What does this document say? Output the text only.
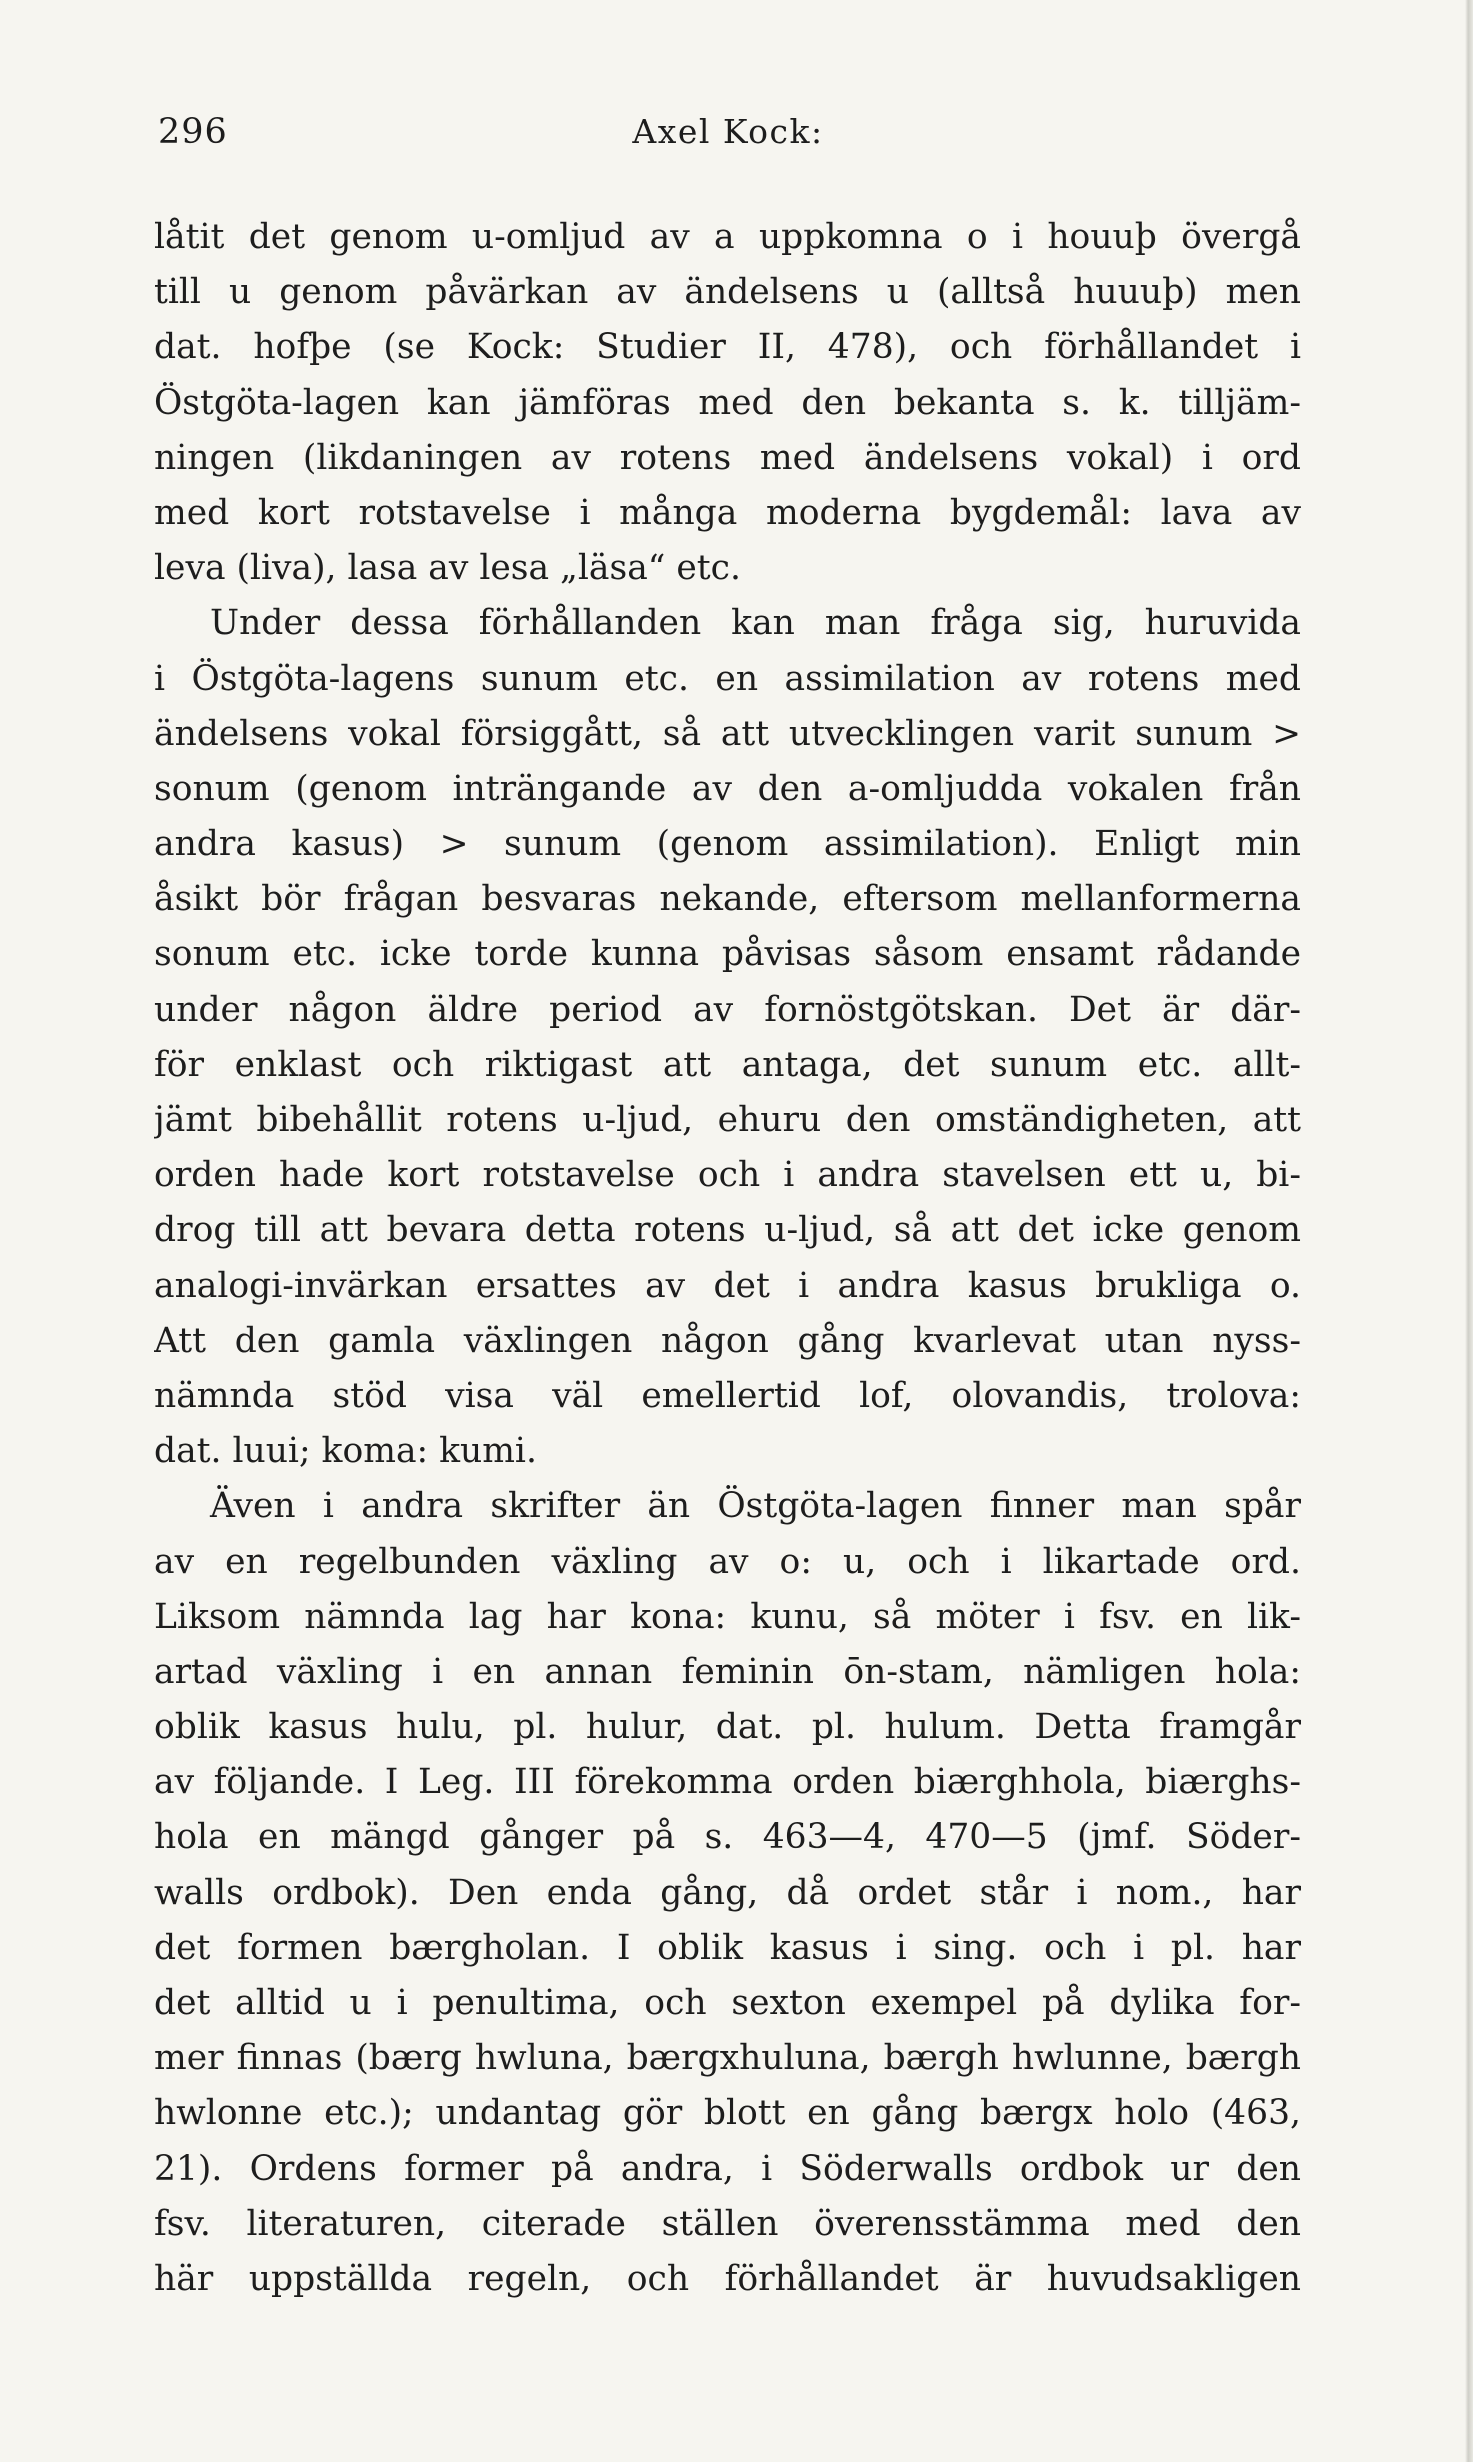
296	Axel Kock:
låtit det genom u-omljud av a uppkomna o i houuþ övergå
till u genom påvärkan av ändelsens u (alltså huuuþ) men
dat. hofþe (se Kock: Studier II, 478), och förhållandet i
Östgöta-lagen kan jämföras med den bekanta s. k. tilljäm-
ningen (likdaningen av rotens med ändelsens vokal) i ord
med kort rotstavelse i många moderna bygdemål: lava av
leva (liva), lasa av lesa „läsa“ etc.
Under dessa förhållanden kan man fråga sig, huruvida
i Östgöta-lagens sunum etc. en assimilation av rotens med
ändelsens vokal försiggått, så att utvecklingen varit sunum >
sonum (genom inträngande av den a-omljudda vokalen från
andra kasus) > sunum (genom assimilation). Enligt min
åsikt bör frågan besvaras nekande, eftersom mellanformerna
sonum etc. icke torde kunna påvisas såsom ensamt rådande
under någon äldre period av fornöstgötskan. Det är där-
för enklast och riktigast att antaga, det sunum etc. allt-
jämt bibehållit rotens u-ljud, ehuru den omständigheten, att
orden hade kort rotstavelse och i andra stavelsen ett u, bi-
drog till att bevara detta rotens u-ljud, så att det icke genom
analogi-invärkan ersattes av det i andra kasus brukliga o.
Att den gamla växlingen någon gång kvarlevat utan nyss-
nämnda stöd visa väl emellertid lof, olovandis, trolova:
dat. luui; koma: kumi.
Även i andra skrifter än Östgöta-lagen finner man spår
av en regelbunden växling av o: u, och i likartade ord.
Liksom nämnda lag har kona: kunu, så möter i fsv. en lik-
artad växling i en annan feminin ōn-stam, nämligen hola:
oblik kasus hulu, pl. hulur, dat. pl. hulum. Detta framgår
av följande. I Leg. III förekomma orden biærghhola, biærghs-
hola en mängd gånger på s. 463—4, 470—5 (jmf. Söder-
walls ordbok). Den enda gång, då ordet står i nom., har
det formen bærgholan. I oblik kasus i sing. och i pl. har
det alltid u i penultima, och sexton exempel på dylika for-
mer finnas (bærg hwluna, bærgxhuluna, bærgh hwlunne, bærgh
hwlonne etc.); undantag gör blott en gång bærgx holo (463,
21). Ordens former på andra, i Söderwalls ordbok ur den
fsv. literaturen, citerade ställen överensstämma med den
här uppställda regeln, och förhållandet är huvudsakligen
